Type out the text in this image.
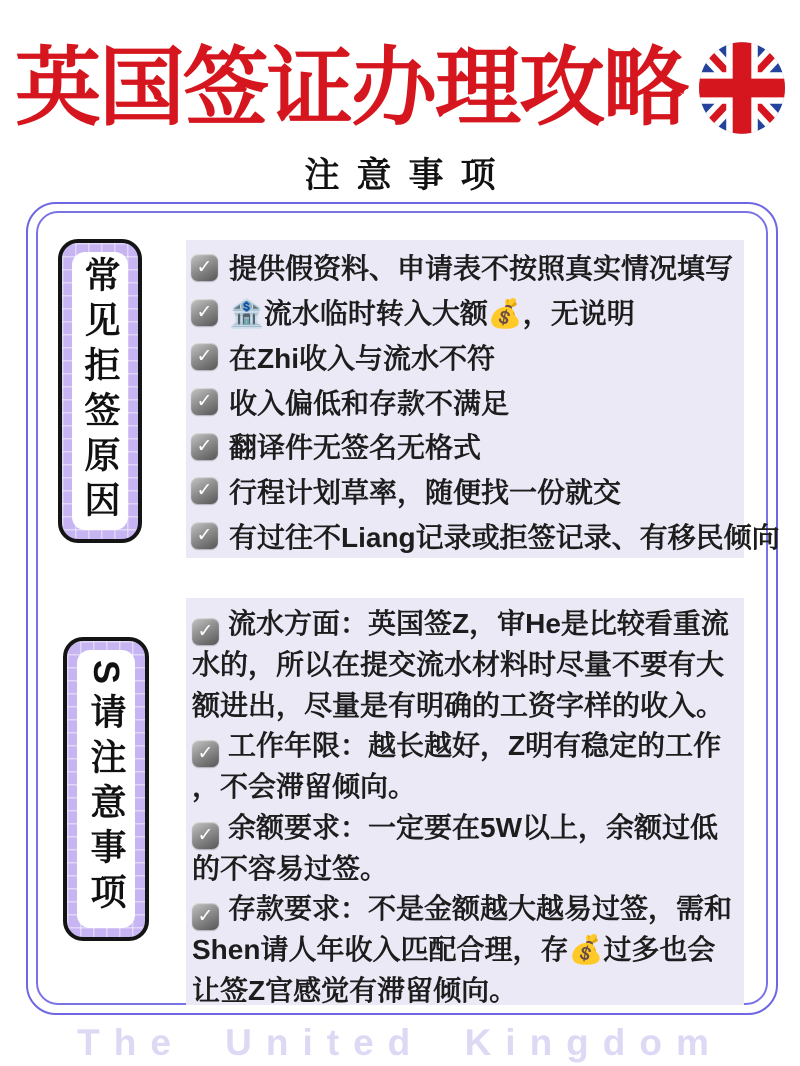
英国签证办理攻略
注意事项
常见拒签原因	✓ 提供假资料、申请表不按照真实情况填写
✓ 🏦流水临时转入大额💰，无说明
✓ 在Zhi收入与流水不符
✓ 收入偏低和存款不满足
✓ 翻译件无签名无格式
✓ 行程计划草率，随便找一份就交
✓ 有过往不Liang记录或拒签记录、有移民倾向
S请注意事项
✓ 流水方面：英国签Z，审He是比较看重流水的，所以在提交流水材料时尽量不要有大额进出，尽量是有明确的工资字样的收入。
✓ 工作年限：越长越好，Z明有稳定的工作，不会滞留倾向。
✓ 余额要求：一定要在5W以上，余额过低的不容易过签。
✓ 存款要求：不是金额越大越易过签，需和Shen请人年收入匹配合理，存💰过多也会让签Z官感觉有滞留倾向。
The United Kingdom
